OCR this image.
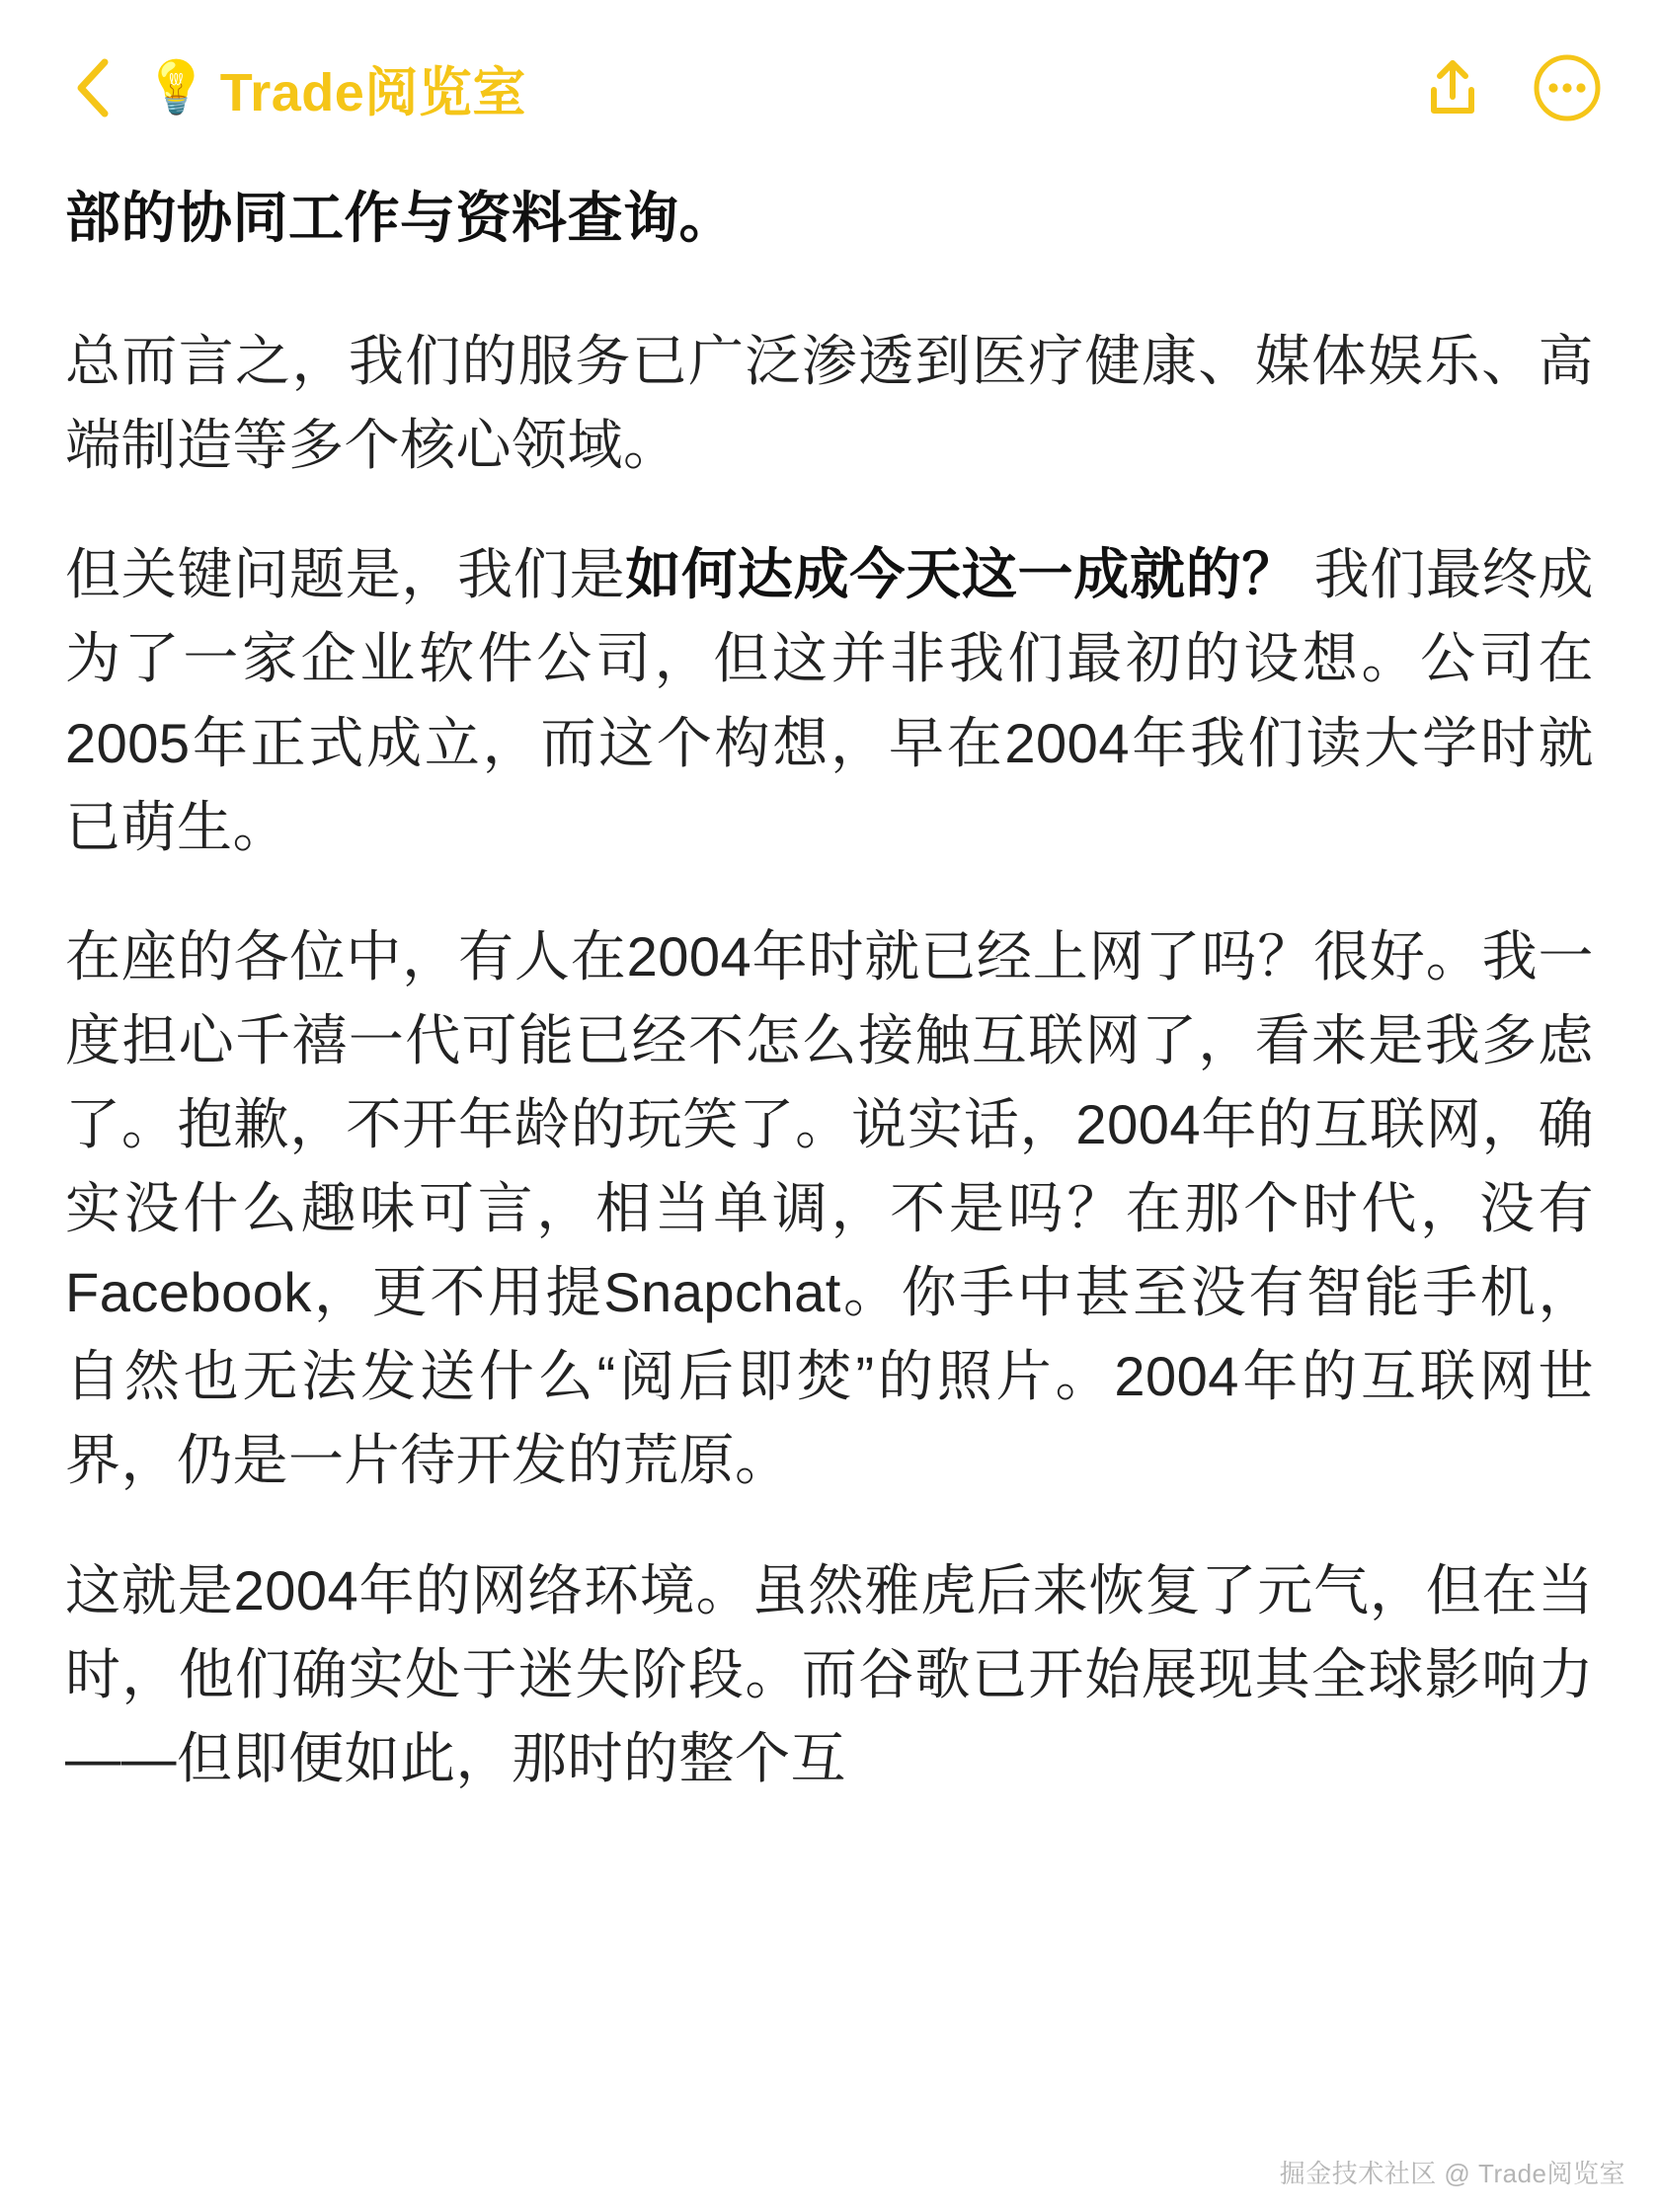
💡 Trade阅览室

部的协同工作与资料查询。

总而言之，我们的服务已广泛渗透到医疗健康、媒体娱乐、高端制造等多个核心领域。

但关键问题是，我们是如何达成今天这一成就的？ 我们最终成为了一家企业软件公司，但这并非我们最初的设想。公司在2005年正式成立，而这个构想，早在2004年我们读大学时就已萌生。

在座的各位中，有人在2004年时就已经上网了吗？很好。我一度担心千禧一代可能已经不怎么接触互联网了，看来是我多虑了。抱歉，不开年龄的玩笑了。说实话，2004年的互联网，确实没什么趣味可言，相当单调，不是吗？在那个时代，没有Facebook，更不用提Snapchat。你手中甚至没有智能手机，自然也无法发送什么“阅后即焚”的照片。2004年的互联网世界，仍是一片待开发的荒原。

这就是2004年的网络环境。虽然雅虎后来恢复了元气，但在当时，他们确实处于迷失阶段。而谷歌已开始展现其全球影响力——但即便如此，那时的整个互

掘金技术社区 @ Trade阅览室
